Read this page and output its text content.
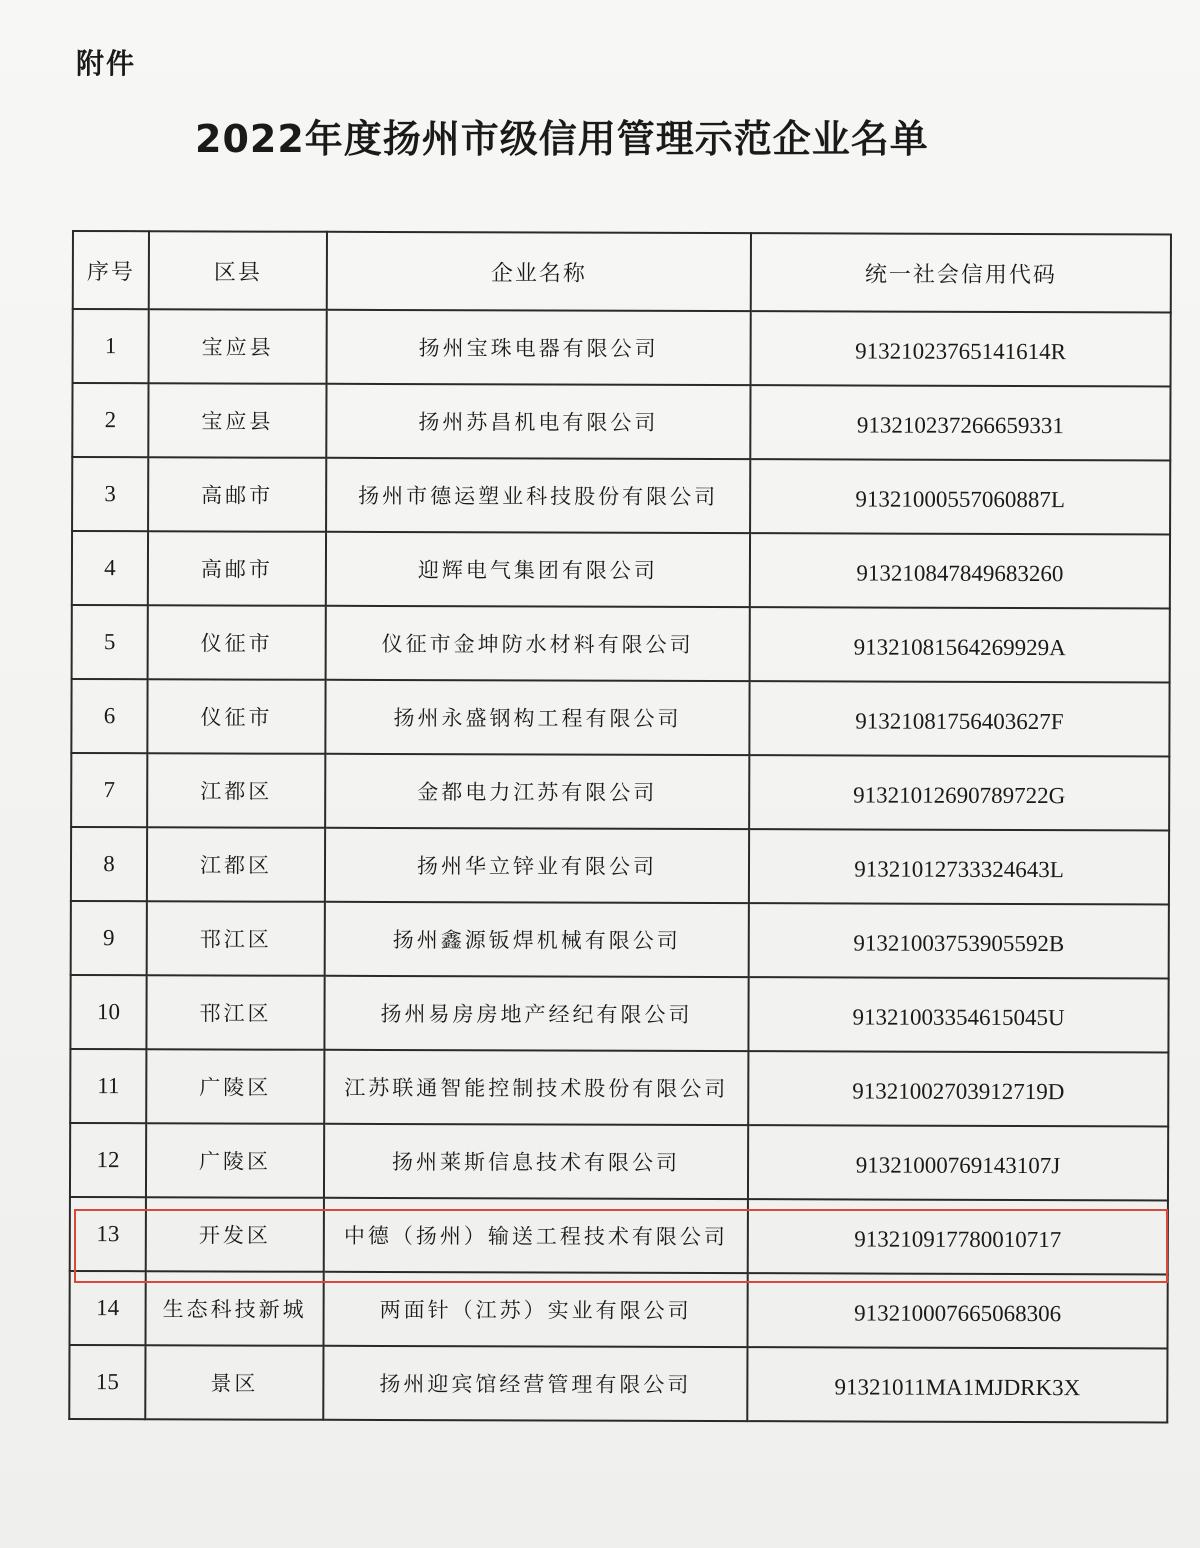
附件
2022年度扬州市级信用管理示范企业名单
序号	区县	企业名称	统一社会信用代码
1	宝应县	扬州宝珠电器有限公司	91321023765141614R
2	宝应县	扬州苏昌机电有限公司	913210237266659331
3	高邮市	扬州市德运塑业科技股份有限公司	91321000557060887L
4	高邮市	迎辉电气集团有限公司	913210847849683260
5	仪征市	仪征市金坤防水材料有限公司	91321081564269929A
6	仪征市	扬州永盛钢构工程有限公司	91321081756403627F
7	江都区	金都电力江苏有限公司	91321012690789722G
8	江都区	扬州华立锌业有限公司	91321012733324643L
9	邗江区	扬州鑫源钣焊机械有限公司	91321003753905592B
10	邗江区	扬州易房房地产经纪有限公司	91321003354615045U
11	广陵区	江苏联通智能控制技术股份有限公司	91321002703912719D
12	广陵区	扬州莱斯信息技术有限公司	91321000769143107J
13	开发区	中德（扬州）输送工程技术有限公司	913210917780010717
14	生态科技新城	两面针（江苏）实业有限公司	913210007665068306
15	景区	扬州迎宾馆经营管理有限公司	91321011MA1MJDRK3X
